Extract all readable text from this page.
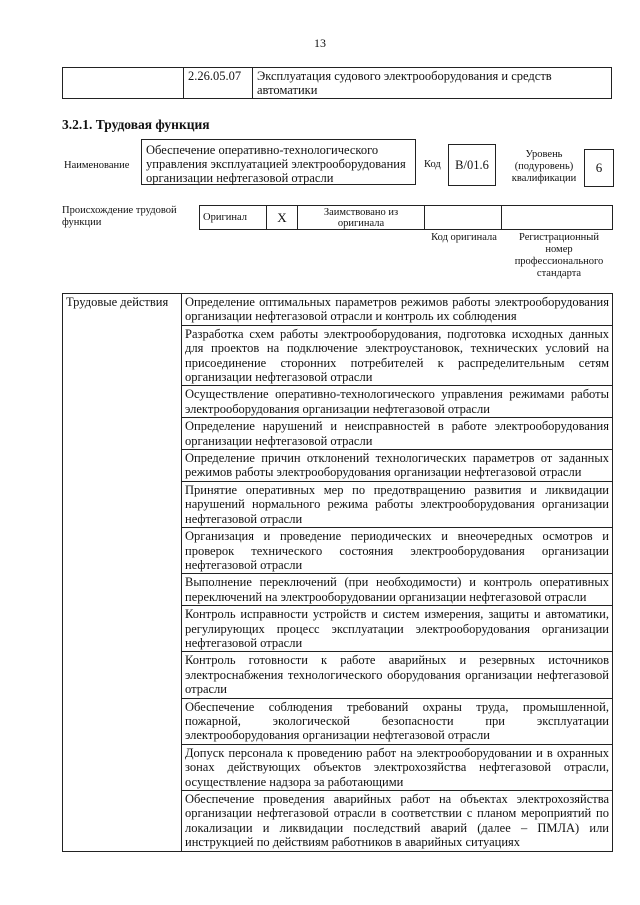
13
	2.26.05.07	Эксплуатация судового электрооборудования и средств автоматики
3.2.1. Трудовая функция
Наименование
Обеспечение оперативно-технологического управления эксплуатацией электрооборудования организации нефтегазовой отрасли
Код	B/01.6
Уровень (подуровень) квалификации
6
Происхождение трудовой функции	Оригинал	X	Заимствовано из оригинала		
Код оригинала	Регистрационный номер профессионального стандарта
Трудовые действия	Определение оптимальных параметров режимов работы электрооборудования организации нефтегазовой отрасли и контроль их соблюдения
Разработка схем работы электрооборудования, подготовка исходных данных для проектов на подключение электроустановок, технических условий на присоединение сторонних потребителей к распределительным сетям организации нефтегазовой отрасли
Осуществление оперативно-технологического управления режимами работы электрооборудования организации нефтегазовой отрасли
Определение нарушений и неисправностей в работе электрооборудования организации нефтегазовой отрасли
Определение причин отклонений технологических параметров от заданных режимов работы электрооборудования организации нефтегазовой отрасли
Принятие оперативных мер по предотвращению развития и ликвидации нарушений нормального режима работы электрооборудования организации нефтегазовой отрасли
Организация и проведение периодических и внеочередных осмотров и проверок технического состояния электрооборудования организации нефтегазовой отрасли
Выполнение переключений (при необходимости) и контроль оперативных переключений на электрооборудовании организации нефтегазовой отрасли
Контроль исправности устройств и систем измерения, защиты и автоматики, регулирующих процесс эксплуатации электрооборудования организации нефтегазовой отрасли
Контроль готовности к работе аварийных и резервных источников электроснабжения технологического оборудования организации нефтегазовой отрасли
Обеспечение соблюдения требований охраны труда, промышленной, пожарной, экологической безопасности при эксплуатации электрооборудования организации нефтегазовой отрасли
Допуск персонала к проведению работ на электрооборудовании и в охранных зонах действующих объектов электрохозяйства нефтегазовой отрасли, осуществление надзора за работающими
Обеспечение проведения аварийных работ на объектах электрохозяйства организации нефтегазовой отрасли в соответствии с планом мероприятий по локализации и ликвидации последствий аварий (далее – ПМЛА) или инструкцией по действиям работников в аварийных ситуациях
